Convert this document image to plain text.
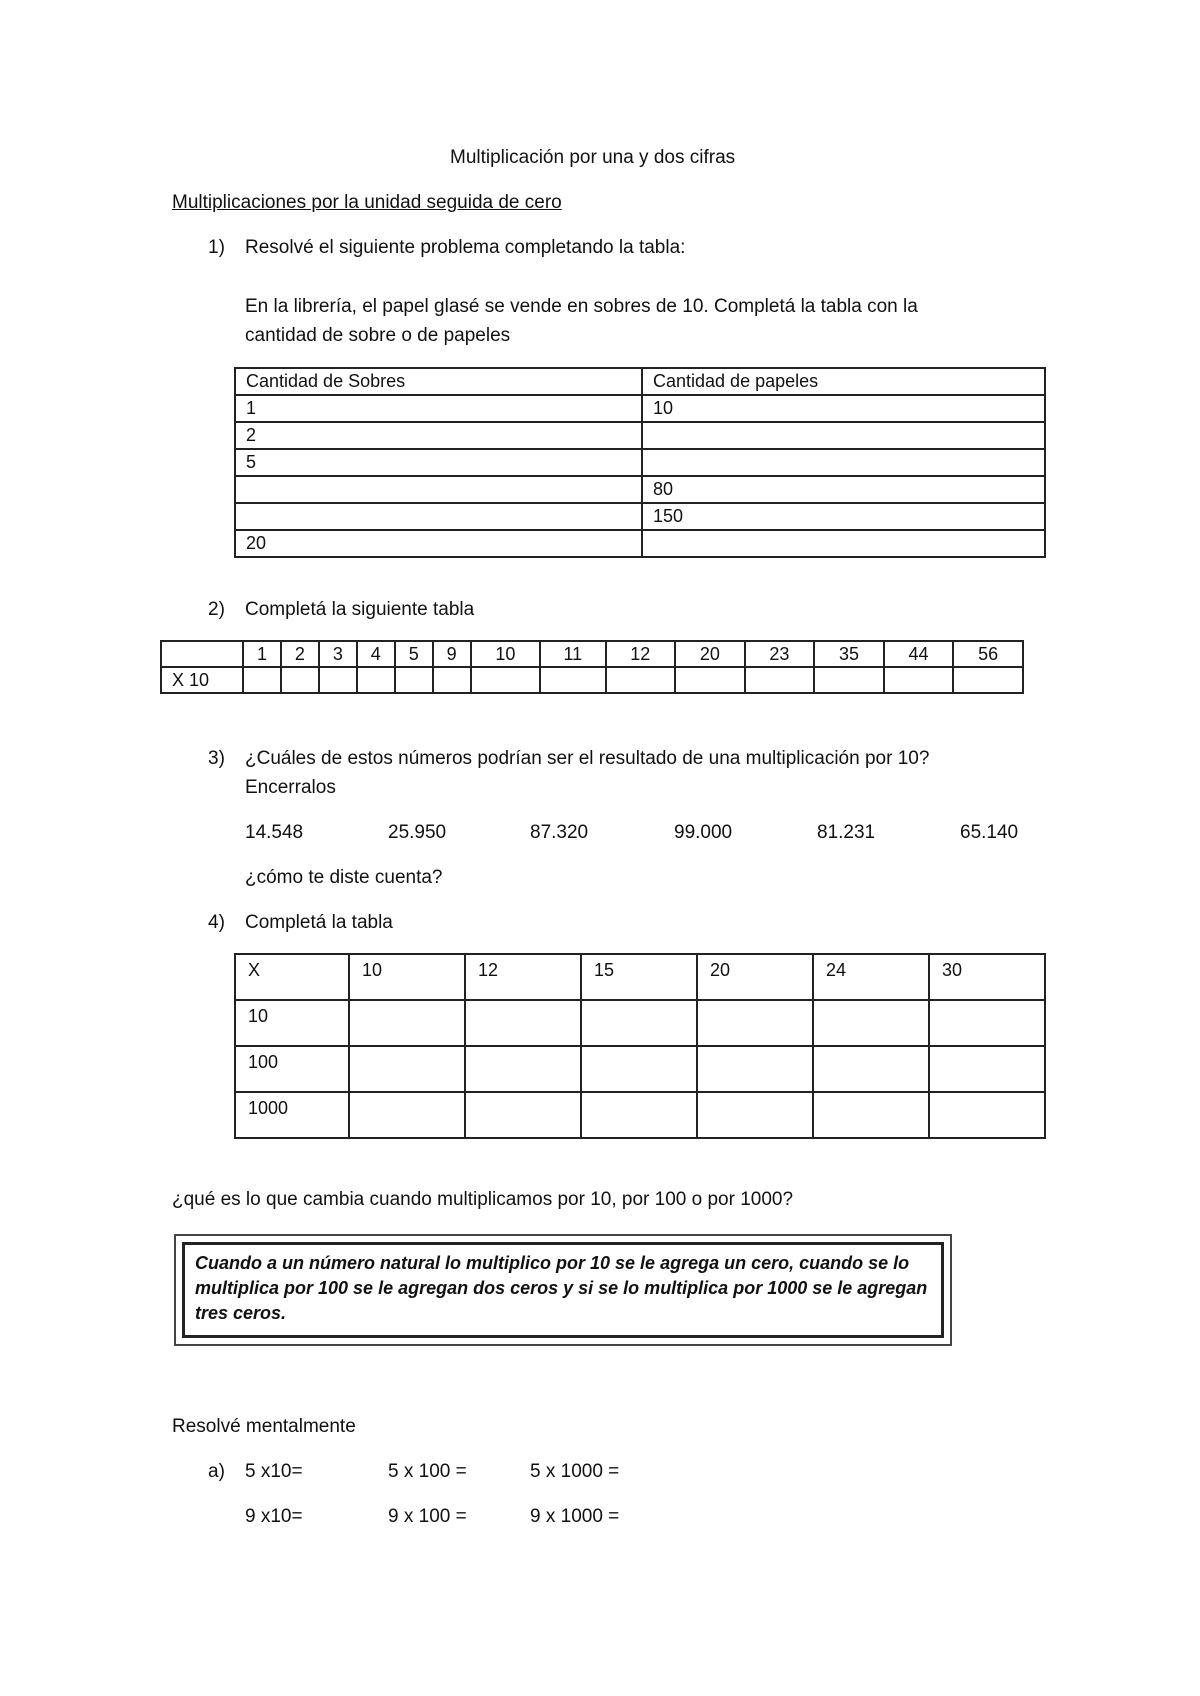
Multiplicación por una y dos cifras
Multiplicaciones por la unidad seguida de cero
1) Resolvé el siguiente problema completando la tabla:
En la librería, el papel glasé se vende en sobres de 10. Completá la tabla con la
cantidad de sobre o de papeles
Cantidad de Sobres	Cantidad de papeles
1	10
2	
5	
	80
	150
20	
2) Completá la siguiente tabla
	1	2	3	4	5	9	10	11	12	20	23	35	44	56
X 10														
3) ¿Cuáles de estos números podrían ser el resultado de una multiplicación por 10?
Encerralos
14.548	25.950	87.320	99.000	81.231	65.140
¿cómo te diste cuenta?
4) Completá la tabla
X	10	12	15	20	24	30
10						
100						
1000						
¿qué es lo que cambia cuando multiplicamos por 10, por 100 o por 1000?
Cuando a un número natural lo multiplico por 10 se le agrega un cero, cuando se lo multiplica por 100 se le agregan dos ceros y si se lo multiplica por 1000 se le agregan tres ceros.
Resolvé mentalmente
a) 5 x10=	5 x 100 =	5 x 1000 =
9 x10=	9 x 100 =	9 x 1000 =
